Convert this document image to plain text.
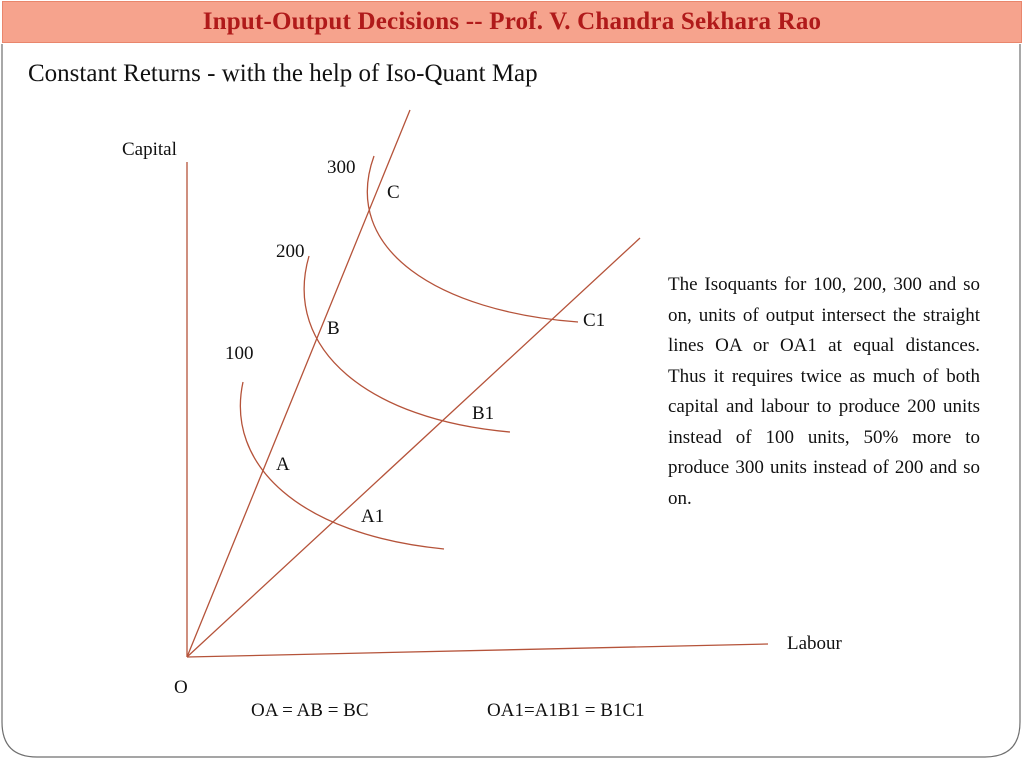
Input-Output Decisions -- Prof. V. Chandra Sekhara Rao
Constant Returns - with the help of Iso-Quant Map
Capital
Labour
O
100
200
300
A
B
C
A1
B1
C1
The Isoquants for 100, 200, 300 and so on, units of output intersect the straight lines OA or OA1 at equal distances. Thus it requires twice as much of both capital and labour to produce 200 units instead of 100 units, 50% more to produce 300 units instead of 200 and so on.
OA = AB = BC	OA1=A1B1 = B1C1
